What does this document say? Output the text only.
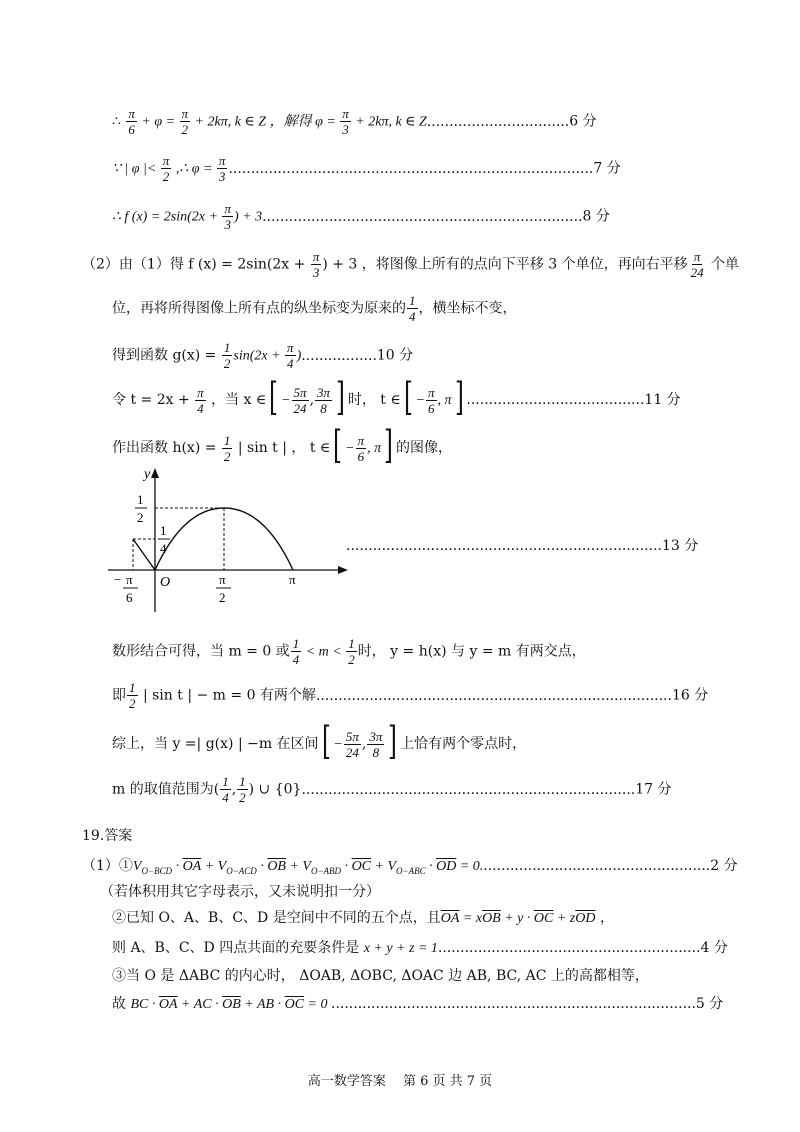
∴ $\frac{\pi}{6} + \varphi = \frac{\pi}{2} + 2k\pi$, k ∈ Z ，解得 $\varphi = \frac{\pi}{3} + 2k\pi$, k ∈ Z................................6 分
∵ | φ |< $\frac{\pi}{2}$ ,∴ $\varphi = \frac{\pi}{3} ..................................................................................7$ 分
∴ f $(x) = 2\sin(2x + \frac{\pi}{3}$ ) + 3........................................................................8 分
（2）由（1）得 f $(x) = 2\sin(2x + \frac{\pi}{3}$ ) + 3 ，将图像上所有的点向下平移 3 个单位，再向右平移 $\frac{\pi}{24}$ 个单
位，再将所得图像上所有点的纵坐标变为原来的 $\frac{1}{4}$ ，横坐标不变，
得到函数 $g(x) = \frac{1}{2} \sin(2x + \frac{\pi}{4} ).................10$ 分
令 $t = 2x + \frac{\pi}{4}$ ，当 x ∈[ − $\frac{5\pi}{24}$ , $\frac{3\pi}{8}$ ] 时， t ∈[ − $\frac{\pi}{6}$ , π] ........................................11 分
作出函数 $h(x) = \frac{1}{2}$ | sin t | ， t ∈[ − $\frac{\pi}{6}$ , π] 的图像，
y
O
1
2
1
4
− π
6
π
2
π
.......................................................................13 分
数形结合可得，当 m = 0 或 $\frac{1}{4} < m < \frac{1}{2}$ 时， y = h(x) 与 y = m 有两交点，
即 $\frac{1}{2}$ | sin t | − m = 0 有两个解................................................................................16 分
综上，当 y =| g(x) | −m 在区间[ − $\frac{5\pi}{24}$ , $\frac{3\pi}{8}$ ] 上恰有两个零点时，
m 的取值范围为( $\frac{1}{4}$ , $\frac{1}{2}$ ) ∪ {0}...........................................................................17 分
19.答案
$(1)①V_{O-BCD} \cdot \overline{OA} + V_{O-ACD} \cdot \overline{OB} + V_{O-ABD} \cdot \overline{OC} + V_{O-ABC} \cdot \overline{OD} = 0....................................................2$ 分
（若体积用其它字母表示，又未说明扣一分）
②已知 O、A、B、C、D 是空间中不同的五个点，且$\overline{OA} = x\overline{OB} + y \cdot \overline{OC} + z\overline{OD}$ ，
则 A、B、C、D 四点共面的充要条件是 x + y + z = 1...........................................................4 分
③当 O 是 ΔABC 的内心时， ΔOAB, ΔOBC, ΔOAC 边 AB, BC, AC 上的高都相等，
故 BC · $\overline{OA}$ + AC · $\overline{OB}$ + AB · $\overline{OC} = 0$ ..................................................................................5 分
高一数学答案　 第 6 页 共 7 页
